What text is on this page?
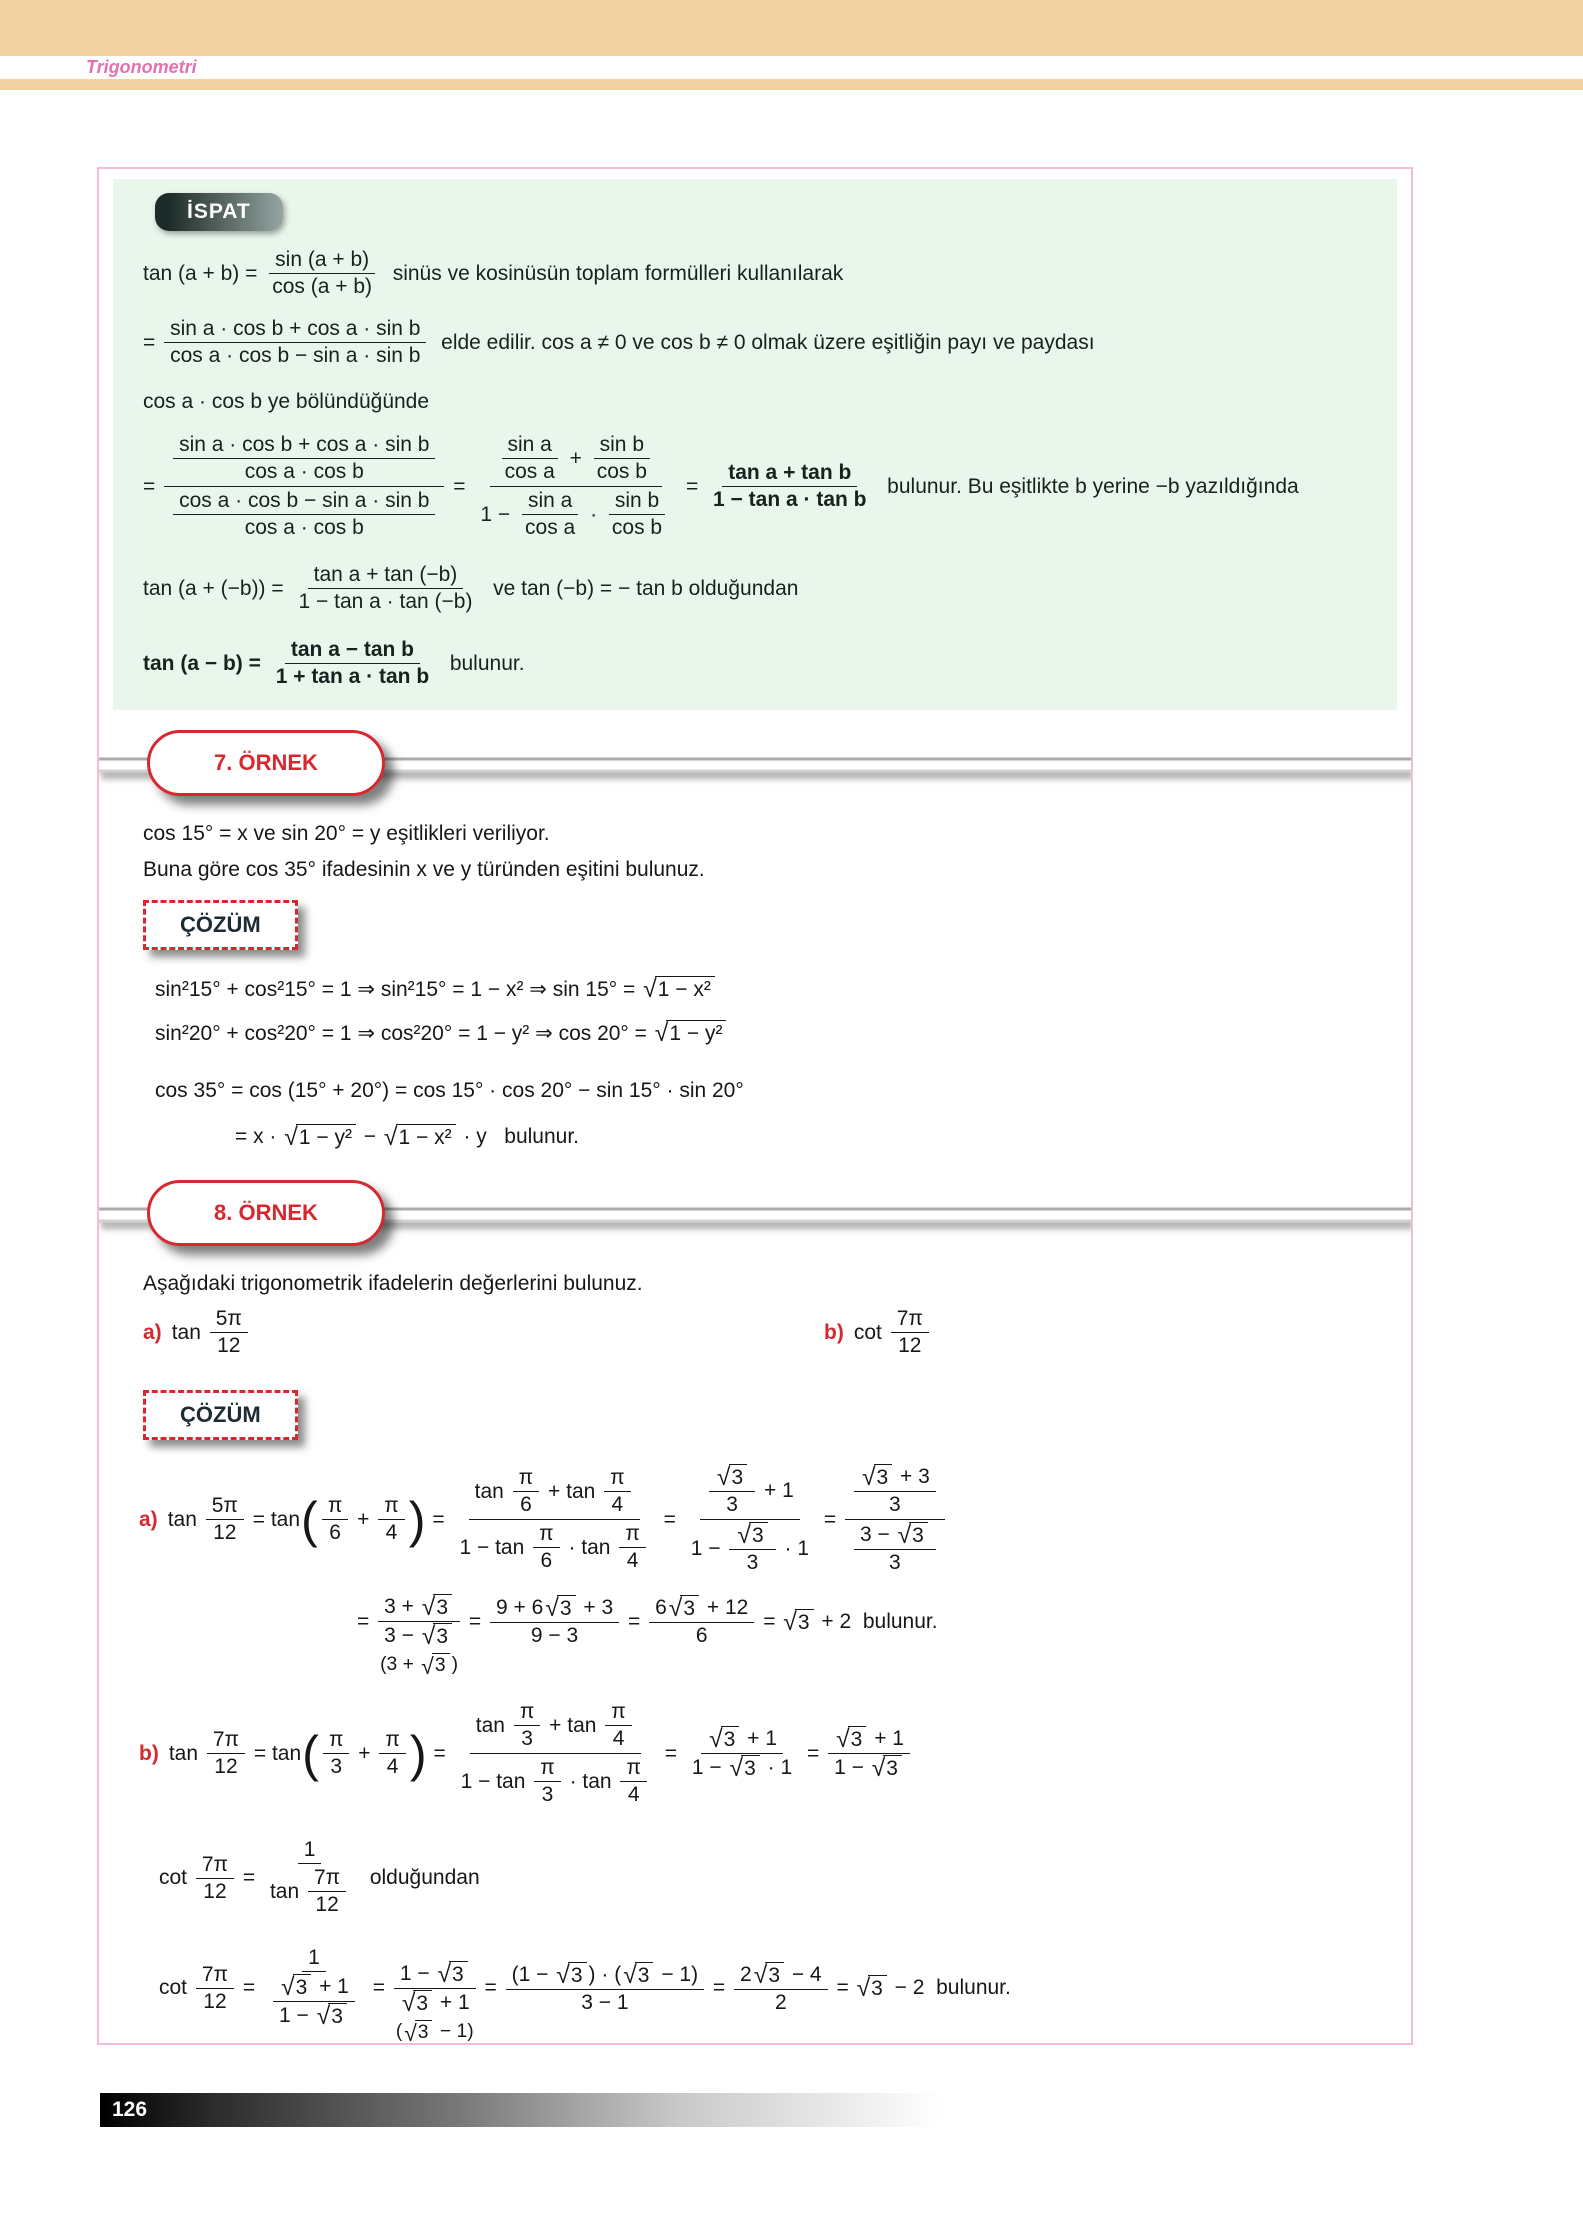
Trigonometri
İSPAT
$\tan (a + b) = \frac{\sin (a + b)}{\cos (a + b)}$ sinüs ve kosinüsün toplam formülleri kullanılarak
= $\frac{\text{sin a · cos b + cos a · sin b}}{\text{cos a · cos b − sin a · sin b}}$ elde edilir. cos a ≠ 0 ve cos b ≠ 0 olmak üzere eşitliğin payı ve paydası
cos a · cos b ye bölündüğünde
= $\frac{\frac{\text{sin a · cos b + cos a · sin b}}{\text{cos a · cos b}}}{\frac{\text{cos a · cos b − sin a · sin b}}{\text{cos a · cos b}}} = \frac{\frac{\text{sin a}}{\text{cos a}} + \frac{\text{sin b}}{\text{cos b}}}{1 - \frac{\text{sin a}}{\text{cos a}} \cdot \frac{\text{sin b}}{\text{cos b}}} = \frac{\text{tan a + tan b}}{\text{1 − tan a · tan b}}$ bulunur. Bu eşitlikte b yerine −b yazıldığında
$\tan (a + (-b)) = \frac{\text{tan a + tan (−b)}}{\text{1 − tan a · tan (−b)}}$ ve tan (−b) = − tan b olduğundan
$\tan (a - b) = \frac{\text{tan a − tan b}}{\text{1 + tan a · tan b}}$ bulunur.
7. ÖRNEK
cos 15° = x ve sin 20° = y eşitlikleri veriliyor.
Buna göre cos 35° ifadesinin x ve y türünden eşitini bulunuz.
ÇÖZÜM
sin²15° + cos²15° = 1 ⇒ sin²15° = 1 − x² ⇒ sin 15° = √ 1 − x²
sin²20° + cos²20° = 1 ⇒ cos²20° = 1 − y² ⇒ cos 20° = √ 1 − y²
cos 35° = cos (15° + 20°) = cos 15° · cos 20° − sin 15° · sin 20°
= x · √ 1 − y² − √ 1 − x² · y   bulunur.
8. ÖRNEK
Aşağıdaki trigonometrik ifadelerin değerlerini bulunuz.
a) $\tan \frac{5\pi}{12}$	b) $\cot \frac{7\pi}{12}$
ÇÖZÜM
a) $\tan \frac{5\pi}{12} = \tan$ ( $\frac{\pi}{6} + \frac{\pi}{4}$ ) = $\frac{\tan \frac{\pi}{6} + \tan \frac{\pi}{4}}{1 - \tan \frac{\pi}{6} \cdot \tan \frac{\pi}{4}} = \frac{\frac{√ 3}{3} + 1}{1 - \frac{√ 3}{3} \cdot 1} = \frac{\frac{√ 3 + 3}{3}}{\frac{3 - √ 3}{3}}$
=
3 + √ 3
3 − √ 3
(3 + √ 3 )
= $\frac{9 + 6 √ 3 + 3}{9 - 3} = \frac{6 √ 3 + 12}{6}$ = √ 3 + 2  bulunur.
b) $\tan \frac{7\pi}{12} = \tan$ ( $\frac{\pi}{3} + \frac{\pi}{4}$ ) = $\frac{\tan \frac{\pi}{3} + \tan \frac{\pi}{4}}{1 - \tan \frac{\pi}{3} \cdot \tan \frac{\pi}{4}} = \frac{√ 3 + 1}{1 - √ 3 \cdot 1} = \frac{√ 3 + 1}{1 - √ 3}$
$\cot \frac{7\pi}{12} = \frac{1}{\tan \frac{7\pi}{12}}$ olduğundan
$\cot \frac{7\pi}{12} = \frac{1}{\frac{√ 3 + 1}{1 - √ 3}}$ =
1 − √ 3
√ 3 + 1
( √ 3 − 1)
= $\frac{(1 - √ 3 ) \cdot ( √ 3 - 1)}{3 - 1} = \frac{2 √ 3 - 4}{2}$ = √ 3 − 2  bulunur.
126
